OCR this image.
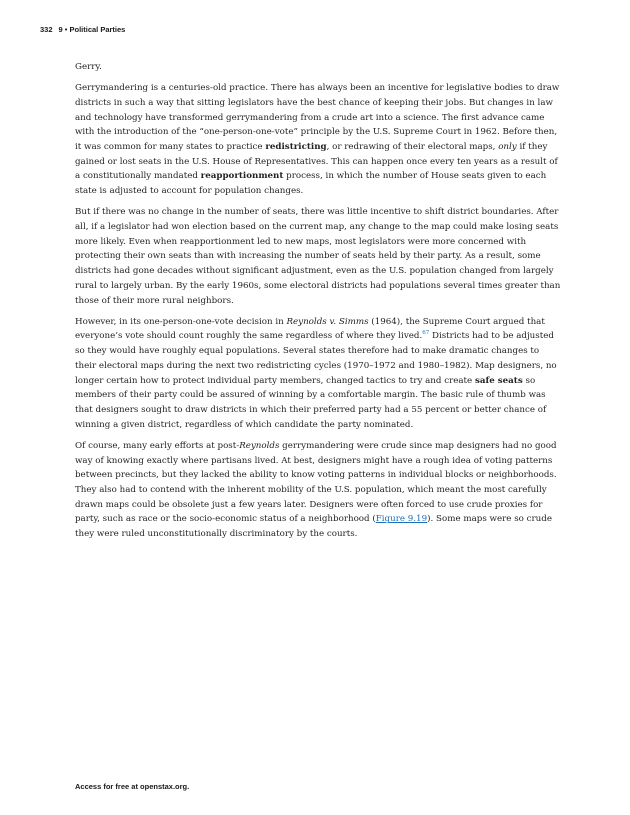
332 9 • Political Parties

Gerry.

Gerrymandering is a centuries-old practice. There has always been an incentive for legislative bodies to draw districts in such a way that sitting legislators have the best chance of keeping their jobs. But changes in law and technology have transformed gerrymandering from a crude art into a science. The first advance came with the introduction of the “one-person-one-vote” principle by the U.S. Supreme Court in 1962. Before then, it was common for many states to practice redistricting, or redrawing of their electoral maps, only if they gained or lost seats in the U.S. House of Representatives. This can happen once every ten years as a result of a constitutionally mandated reapportionment process, in which the number of House seats given to each state is adjusted to account for population changes.

But if there was no change in the number of seats, there was little incentive to shift district boundaries. After all, if a legislator had won election based on the current map, any change to the map could make losing seats more likely. Even when reapportionment led to new maps, most legislators were more concerned with protecting their own seats than with increasing the number of seats held by their party. As a result, some districts had gone decades without significant adjustment, even as the U.S. population changed from largely rural to largely urban. By the early 1960s, some electoral districts had populations several times greater than those of their more rural neighbors.

However, in its one-person-one-vote decision in Reynolds v. Simms (1964), the Supreme Court argued that everyone’s vote should count roughly the same regardless of where they lived.$^{67}$ Districts had to be adjusted so they would have roughly equal populations. Several states therefore had to make dramatic changes to their electoral maps during the next two redistricting cycles (1970–1972 and 1980–1982). Map designers, no longer certain how to protect individual party members, changed tactics to try and create safe seats so members of their party could be assured of winning by a comfortable margin. The basic rule of thumb was that designers sought to draw districts in which their preferred party had a 55 percent or better chance of winning a given district, regardless of which candidate the party nominated.

Of course, many early efforts at post-Reynolds gerrymandering were crude since map designers had no good way of knowing exactly where partisans lived. At best, designers might have a rough idea of voting patterns between precincts, but they lacked the ability to know voting patterns in individual blocks or neighborhoods. They also had to contend with the inherent mobility of the U.S. population, which meant the most carefully drawn maps could be obsolete just a few years later. Designers were often forced to use crude proxies for party, such as race or the socio-economic status of a neighborhood (Figure 9.19). Some maps were so crude they were ruled unconstitutionally discriminatory by the courts.

Access for free at openstax.org.
